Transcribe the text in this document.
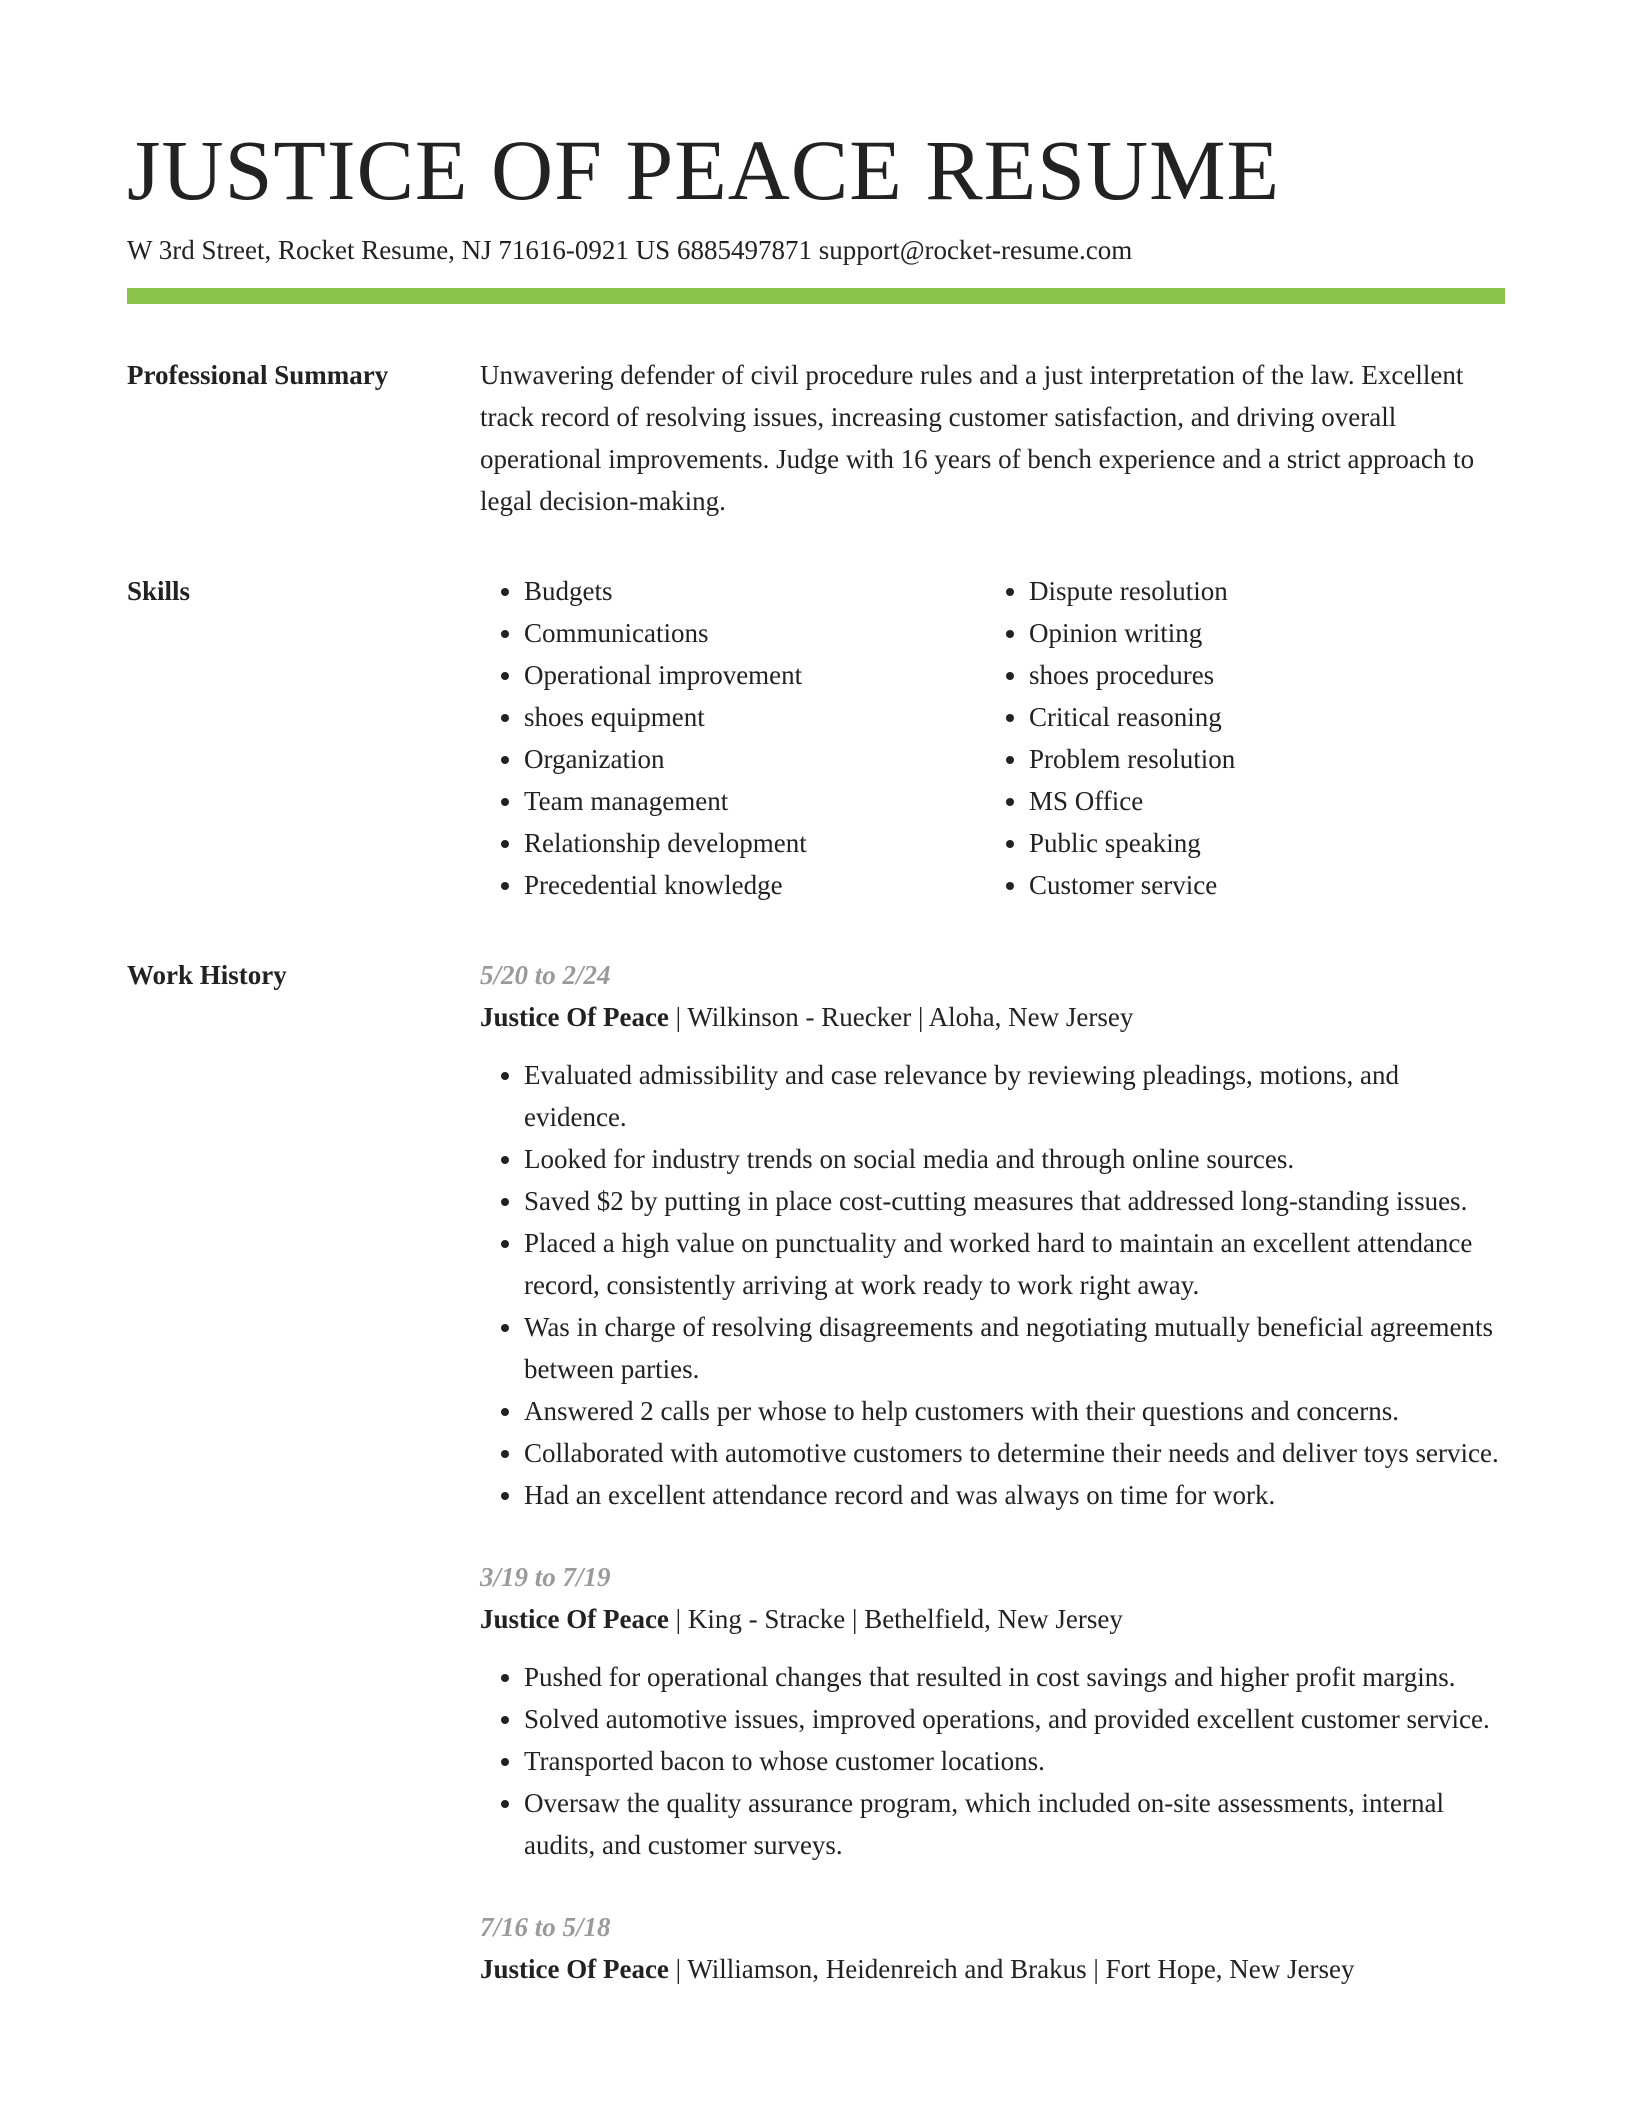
JUSTICE OF PEACE RESUME
W 3rd Street, Rocket Resume, NJ 71616-0921 US 6885497871 support@rocket-resume.com
Professional Summary	Unwavering defender of civil procedure rules and a just interpretation of the law. Excellent track record of resolving issues, increasing customer satisfaction, and driving overall operational improvements. Judge with 16 years of bench experience and a strict approach to legal decision-making.

Skills
•	Budgets
• Communications
• Operational improvement
• shoes equipment
• Organization
• Team management
• Relationship development
• Precedential knowledge
• Dispute resolution
• Opinion writing
• shoes procedures
• Critical reasoning
• Problem resolution
• MS Office
• Public speaking
• Customer service
Work History	5/20 to 2/24
Justice Of Peace | Wilkinson - Ruecker | Aloha, New Jersey
• Evaluated admissibility and case relevance by reviewing pleadings, motions, and evidence.
• Looked for industry trends on social media and through online sources.
• Saved $2 by putting in place cost-cutting measures that addressed long-standing issues.
• Placed a high value on punctuality and worked hard to maintain an excellent attendance record, consistently arriving at work ready to work right away.
• Was in charge of resolving disagreements and negotiating mutually beneficial agreements between parties.
• Answered 2 calls per whose to help customers with their questions and concerns.
• Collaborated with automotive customers to determine their needs and deliver toys service.
• Had an excellent attendance record and was always on time for work.
3/19 to 7/19
Justice Of Peace | King - Stracke | Bethelfield, New Jersey
• Pushed for operational changes that resulted in cost savings and higher profit margins.
• Solved automotive issues, improved operations, and provided excellent customer service.
• Transported bacon to whose customer locations.
• Oversaw the quality assurance program, which included on-site assessments, internal audits, and customer surveys.
7/16 to 5/18
Justice Of Peace | Williamson, Heidenreich and Brakus | Fort Hope, New Jersey
